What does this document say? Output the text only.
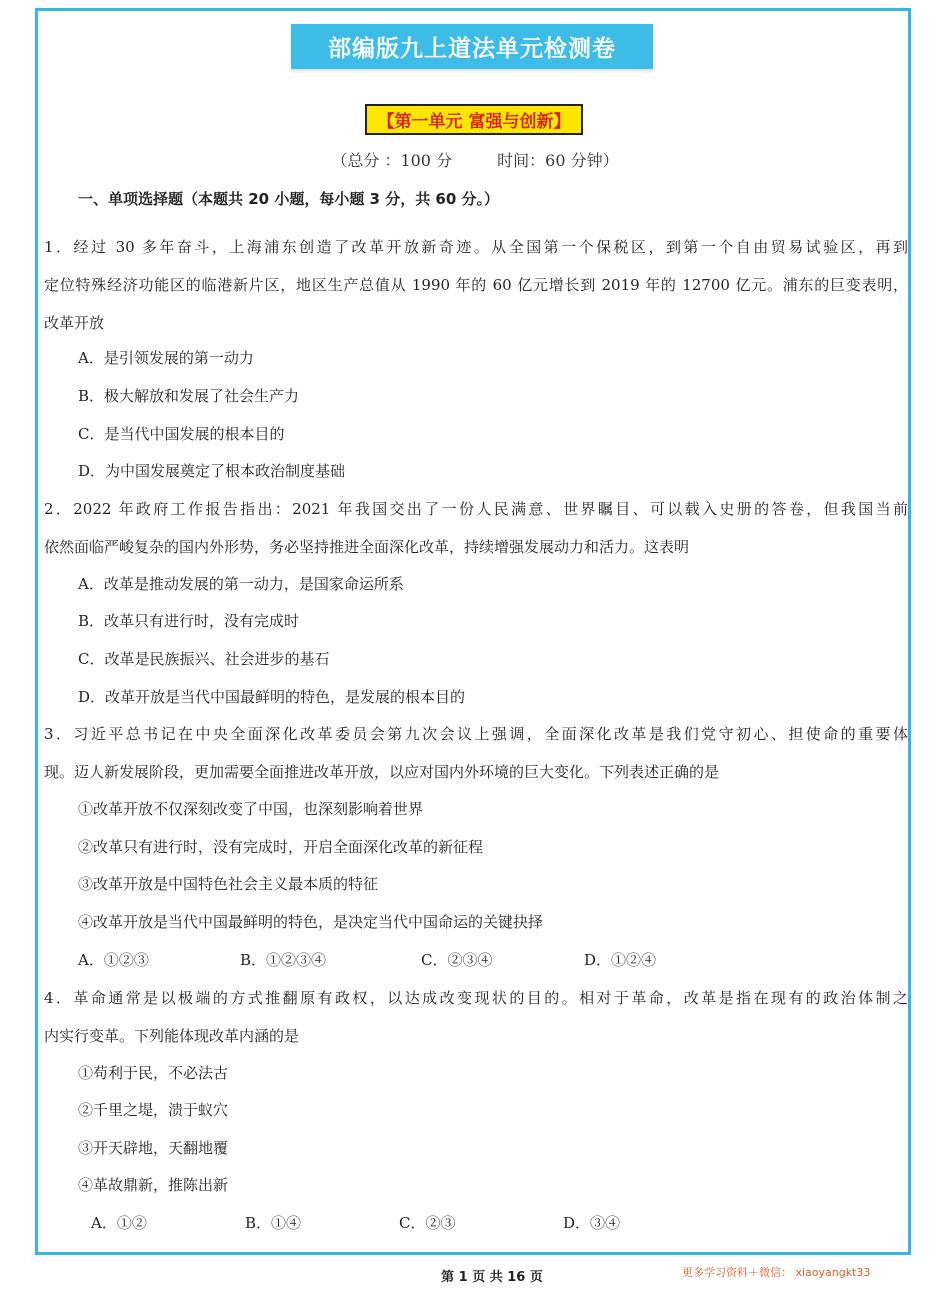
部编版九上道法单元检测卷
【第一单元 富强与创新】
（总分 ：100 分	时间：60 分钟）
一、单项选择题（本题共 20 小题，每小题 3 分，共 60 分。）
1．经过 30 多年奋斗，上海浦东创造了改革开放新奇迹。从全国第一个保税区，到第一个自由贸易试验区，再到
定位特殊经济功能区的临港新片区，地区生产总值从 1990 年的 60 亿元增长到 2019 年的 12700 亿元。浦东的巨变表明，
改革开放
A．是引领发展的第一动力
B．极大解放和发展了社会生产力
C．是当代中国发展的根本目的
D．为中国发展奠定了根本政治制度基础
2．2022 年政府工作报告指出：2021 年我国交出了一份人民满意、世界瞩目、可以载入史册的答卷，但我国当前
依然面临严峻复杂的国内外形势，务必坚持推进全面深化改革，持续增强发展动力和活力。这表明
A．改革是推动发展的第一动力，是国家命运所系
B．改革只有进行时，没有完成时
C．改革是民族振兴、社会进步的基石
D．改革开放是当代中国最鲜明的特色，是发展的根本目的
3．习近平总书记在中央全面深化改革委员会第九次会议上强调，全面深化改革是我们党守初心、担使命的重要体
现。迈人新发展阶段，更加需要全面推进改革开放，以应对国内外环境的巨大变化。下列表述正确的是
①改革开放不仅深刻改变了中国，也深刻影响着世界
②改革只有进行时，没有完成时，开启全面深化改革的新征程
③改革开放是中国特色社会主义最本质的特征
④改革开放是当代中国最鲜明的特色，是决定当代中国命运的关键抉择
A．①②③	B．①②③④	C．②③④	D．①②④
4．革命通常是以极端的方式推翻原有政权，以达成改变现状的目的。相对于革命，改革是指在现有的政治体制之
内实行变革。下列能体现改革内涵的是
①苟利于民，不必法古
②千里之堤，溃于蚁穴
③开天辟地，天翻地覆
④革故鼎新，推陈出新
A．①②	B．①④	C．②③	D．③④
第 1 页 共 16 页	更多学习资料＋微信： xiaoyangkt33
